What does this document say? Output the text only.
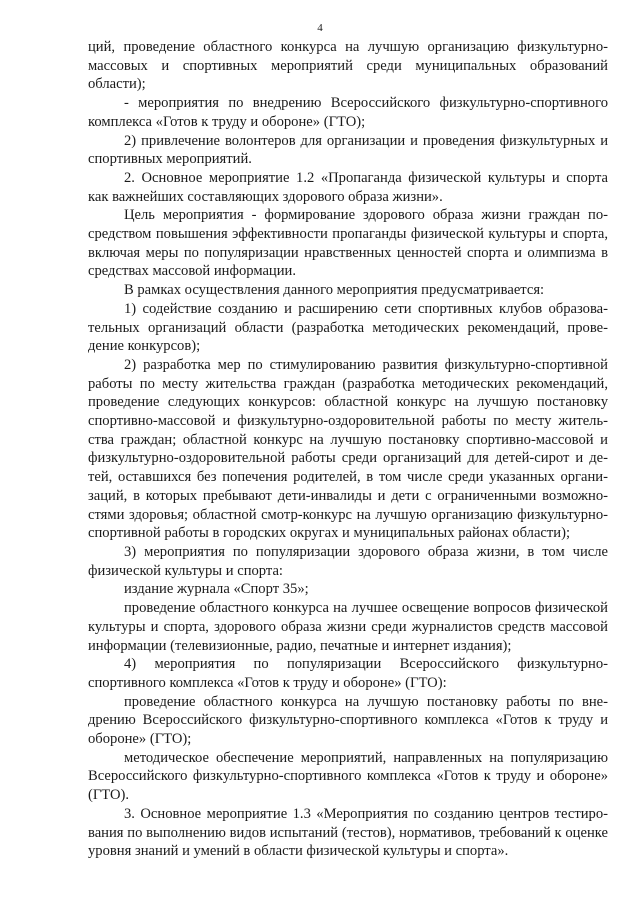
4

ций, проведение областного конкурса на лучшую организацию физкультурно-массовых и спортивных мероприятий среди муниципальных образований области);

- мероприятия по внедрению Всероссийского физкультурно-спортивного комплекса «Готов к труду и обороне» (ГТО);

2) привлечение волонтеров для организации и проведения физкультурных и спортивных мероприятий.

2. Основное мероприятие 1.2 «Пропаганда физической культуры и спорта как важнейших составляющих здорового образа жизни».

Цель мероприятия - формирование здорового образа жизни граждан посредством повышения эффективности пропаганды физической культуры и спорта, включая меры по популяризации нравственных ценностей спорта и олимпизма в средствах массовой информации.

В рамках осуществления данного мероприятия предусматривается:

1) содействие созданию и расширению сети спортивных клубов образовательных организаций области (разработка методических рекомендаций, проведение конкурсов);

2) разработка мер по стимулированию развития физкультурно-спортивной работы по месту жительства граждан (разработка методических рекомендаций, проведение следующих конкурсов: областной конкурс на лучшую постановку спортивно-массовой и физкультурно-оздоровительной работы по месту жительства граждан; областной конкурс на лучшую постановку спортивно-массовой и физкультурно-оздоровительной работы среди организаций для детей-сирот и детей, оставшихся без попечения родителей, в том числе среди указанных организаций, в которых пребывают дети-инвалиды и дети с ограниченными возможностями здоровья; областной смотр-конкурс на лучшую организацию физкультурно-спортивной работы в городских округах и муниципальных районах области);

3) мероприятия по популяризации здорового образа жизни, в том числе физической культуры и спорта:

издание журнала «Спорт 35»;

проведение областного конкурса на лучшее освещение вопросов физической культуры и спорта, здорового образа жизни среди журналистов средств массовой информации (телевизионные, радио, печатные и интернет издания);

4) мероприятия по популяризации Всероссийского физкультурно-спортивного комплекса «Готов к труду и обороне» (ГТО):

проведение областного конкурса на лучшую постановку работы по внедрению Всероссийского физкультурно-спортивного комплекса «Готов к труду и обороне» (ГТО);

методическое обеспечение мероприятий, направленных на популяризацию Всероссийского физкультурно-спортивного комплекса «Готов к труду и обороне» (ГТО).

3. Основное мероприятие 1.3 «Мероприятия по созданию центров тестирования по выполнению видов испытаний (тестов), нормативов, требований к оценке уровня знаний и умений в области физической культуры и спорта».
